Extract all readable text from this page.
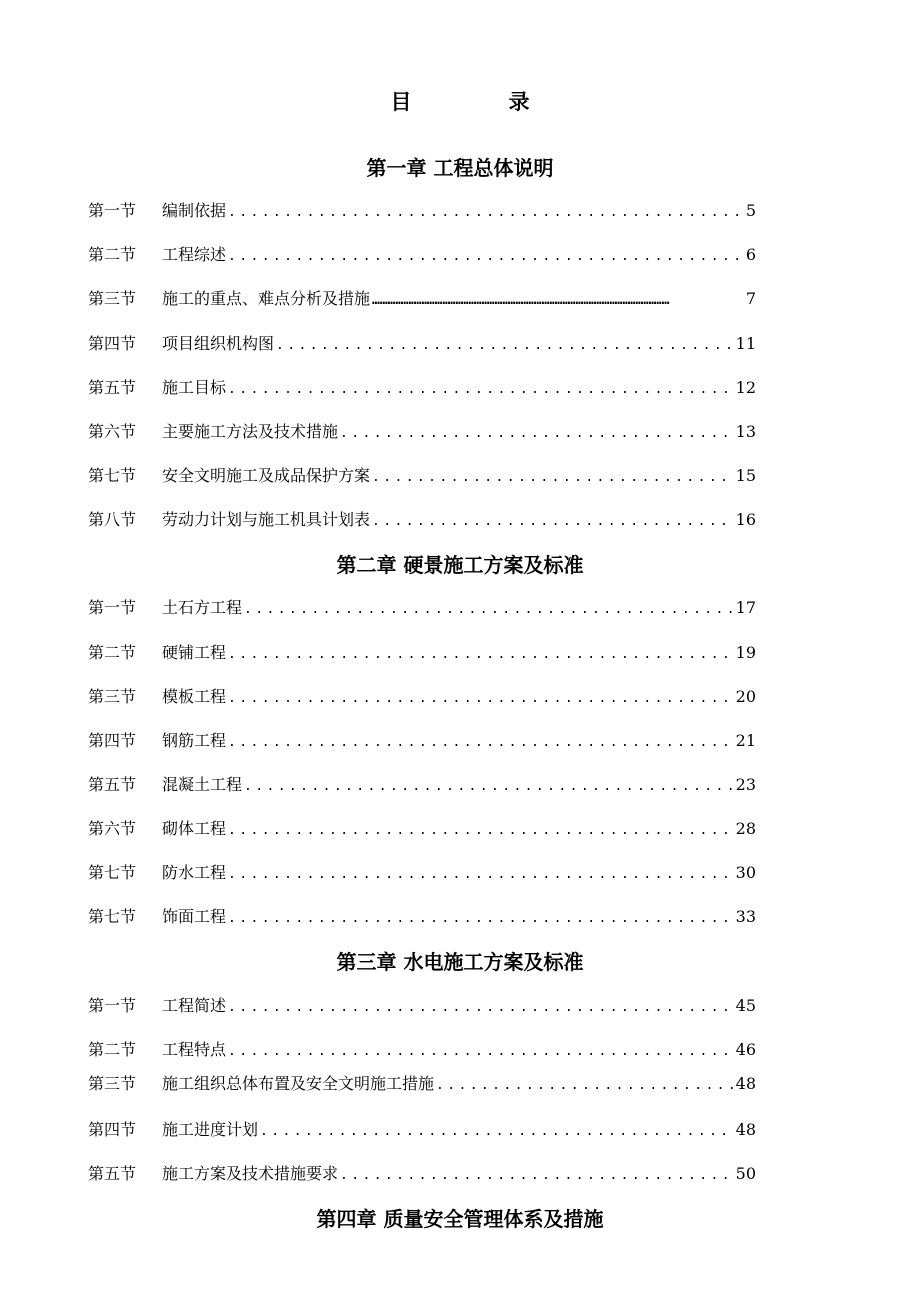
目　录
第一章 工程总体说明
第一节	编制依据 .....	5
第二节	工程综述 .....	6
第三节	施工的重点、难点分析及措施 ……………………………………………………………………………………………………	7
第四节	项目组织机构图 .....	11
第五节	施工目标 .....	12
第六节	主要施工方法及技术措施 .....	13
第七节	安全文明施工及成品保护方案 .....	15
第八节	劳动力计划与施工机具计划表 .....	16
第二章 硬景施工方案及标准
第一节	土石方工程 .....	17
第二节	硬铺工程 .....	19
第三节	模板工程 .....	20
第四节	钢筋工程 .....	21
第五节	混凝土工程 .....	23
第六节	砌体工程 .....	28
第七节	防水工程 .....	30
第七节	饰面工程 .....	33
第三章 水电施工方案及标准
第一节	工程简述 .....	45
第二节	工程特点 .....	46
第三节	施工组织总体布置及安全文明施工措施 .....	48
第四节	施工进度计划 .....	48
第五节	施工方案及技术措施要求 .....	50
第四章 质量安全管理体系及措施
